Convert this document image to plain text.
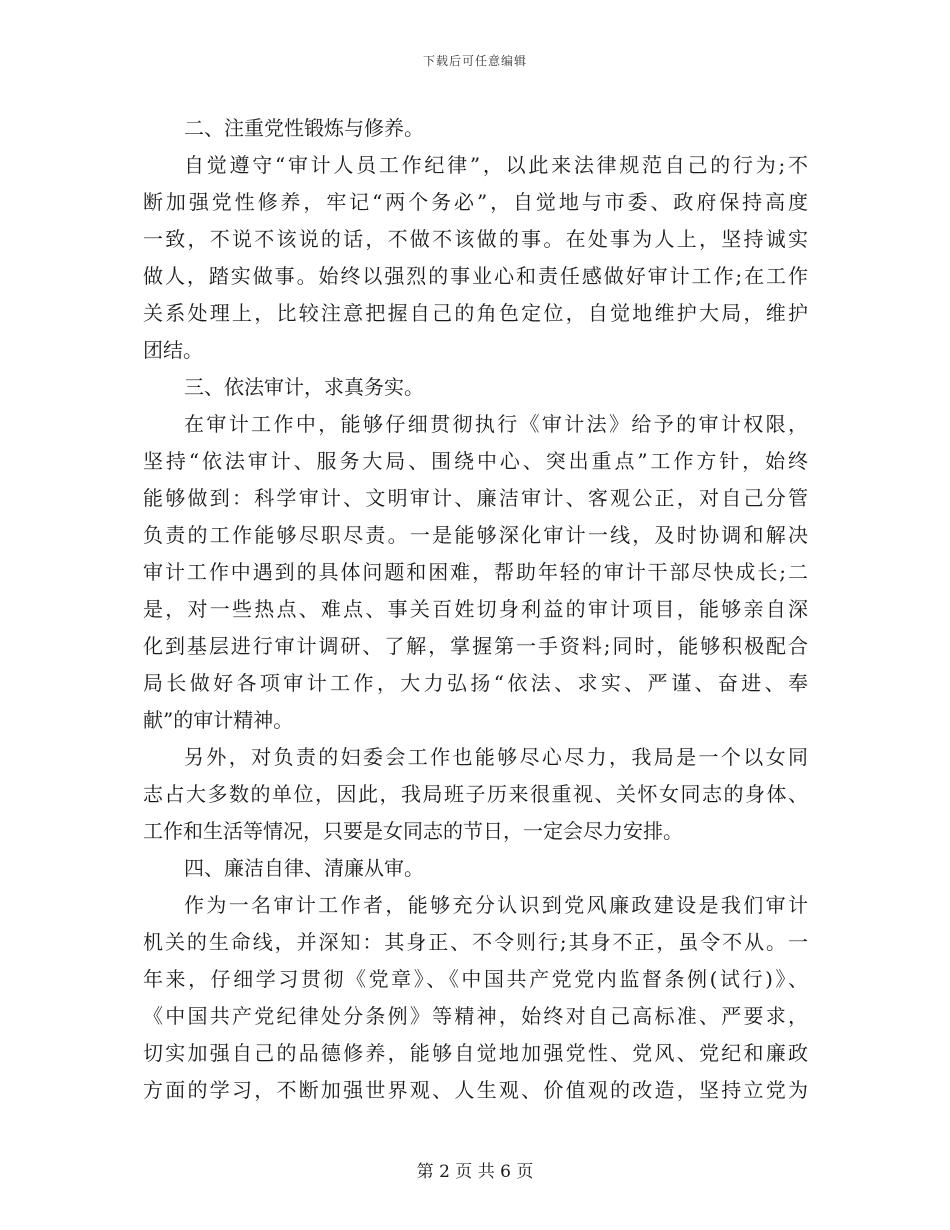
下载后可任意编辑
二、注重党性锻炼与修养。
自觉遵守“审计人员工作纪律”，以此来法律规范自己的行为;不
断加强党性修养，牢记“两个务必”，自觉地与市委、政府保持高度
一致，不说不该说的话，不做不该做的事。在处事为人上，坚持诚实
做人，踏实做事。始终以强烈的事业心和责任感做好审计工作;在工作
关系处理上，比较注意把握自己的角色定位，自觉地维护大局，维护
团结。
三、依法审计，求真务实。
在审计工作中，能够仔细贯彻执行《审计法》给予的审计权限，
坚持“依法审计、服务大局、围绕中心、突出重点”工作方针，始终
能够做到：科学审计、文明审计、廉洁审计、客观公正，对自己分管
负责的工作能够尽职尽责。一是能够深化审计一线，及时协调和解决
审计工作中遇到的具体问题和困难，帮助年轻的审计干部尽快成长;二
是，对一些热点、难点、事关百姓切身利益的审计项目，能够亲自深
化到基层进行审计调研、了解，掌握第一手资料;同时，能够积极配合
局长做好各项审计工作，大力弘扬“依法、求实、严谨、奋进、奉
献”的审计精神。
另外，对负责的妇委会工作也能够尽心尽力，我局是一个以女同
志占大多数的单位，因此，我局班子历来很重视、关怀女同志的身体、
工作和生活等情况，只要是女同志的节日，一定会尽力安排。
四、廉洁自律、清廉从审。
作为一名审计工作者，能够充分认识到党风廉政建设是我们审计
机关的生命线，并深知：其身正、不令则行;其身不正，虽令不从。一
年来，仔细学习贯彻《党章》、《中国共产党党内监督条例(试行)》、
《中国共产党纪律处分条例》等精神，始终对自己高标准、严要求，
切实加强自己的品德修养，能够自觉地加强党性、党风、党纪和廉政
方面的学习，不断加强世界观、人生观、价值观的改造，坚持立党为
第 2 页 共 6 页
